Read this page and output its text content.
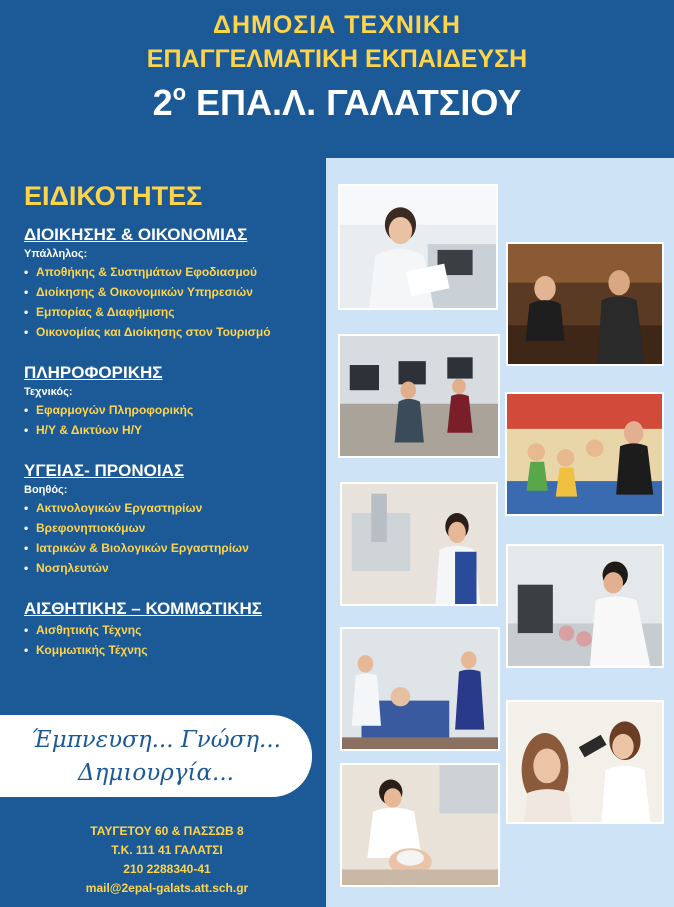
ΔΗΜΟΣΙΑ ΤΕΧΝΙΚΗ
ΕΠΑΓΓΕΛΜΑΤΙΚΗ ΕΚΠΑΙΔΕΥΣΗ
$2^o$ ΕΠΑ.Λ. ΓΑΛΑΤΣΙΟΥ
ΕΙΔΙΚΟΤΗΤΕΣ
ΔΙΟΙΚΗΣΗΣ & ΟΙΚΟΝΟΜΙΑΣ
Υπάλληλος:
• Αποθήκης & Συστημάτων Εφοδιασμού
• Διοίκησης & Οικονομικών Υπηρεσιών
• Εμπορίας & Διαφήμισης
• Οικονομίας και Διοίκησης στον Τουρισμό
ΠΛΗΡΟΦΟΡΙΚΗΣ
Τεχνικός:
• Εφαρμογών Πληροφορικής
• Η/Υ & Δικτύων Η/Υ
ΥΓΕΙΑΣ- ΠΡΟΝΟΙΑΣ
Βοηθός:
• Ακτινολογικών Εργαστηρίων
• Βρεφονηπιοκόμων
• Ιατρικών & Βιολογικών Εργαστηρίων
• Νοσηλευτών
ΑΙΣΘΗΤΙΚΗΣ – ΚΟΜΜΩΤΙΚΗΣ
• Αισθητικής Τέχνης
• Κομμωτικής Τέχνης
Έμπνευση... Γνώση...
Δημιουργία...
ΤΑΥΓΕΤΟΥ 60 & ΠΑΣΣΩΒ 8
Τ.Κ. 111 41 ΓΑΛΑΤΣΙ
210 2288340-41
mail@2epal-galats.att.sch.gr
